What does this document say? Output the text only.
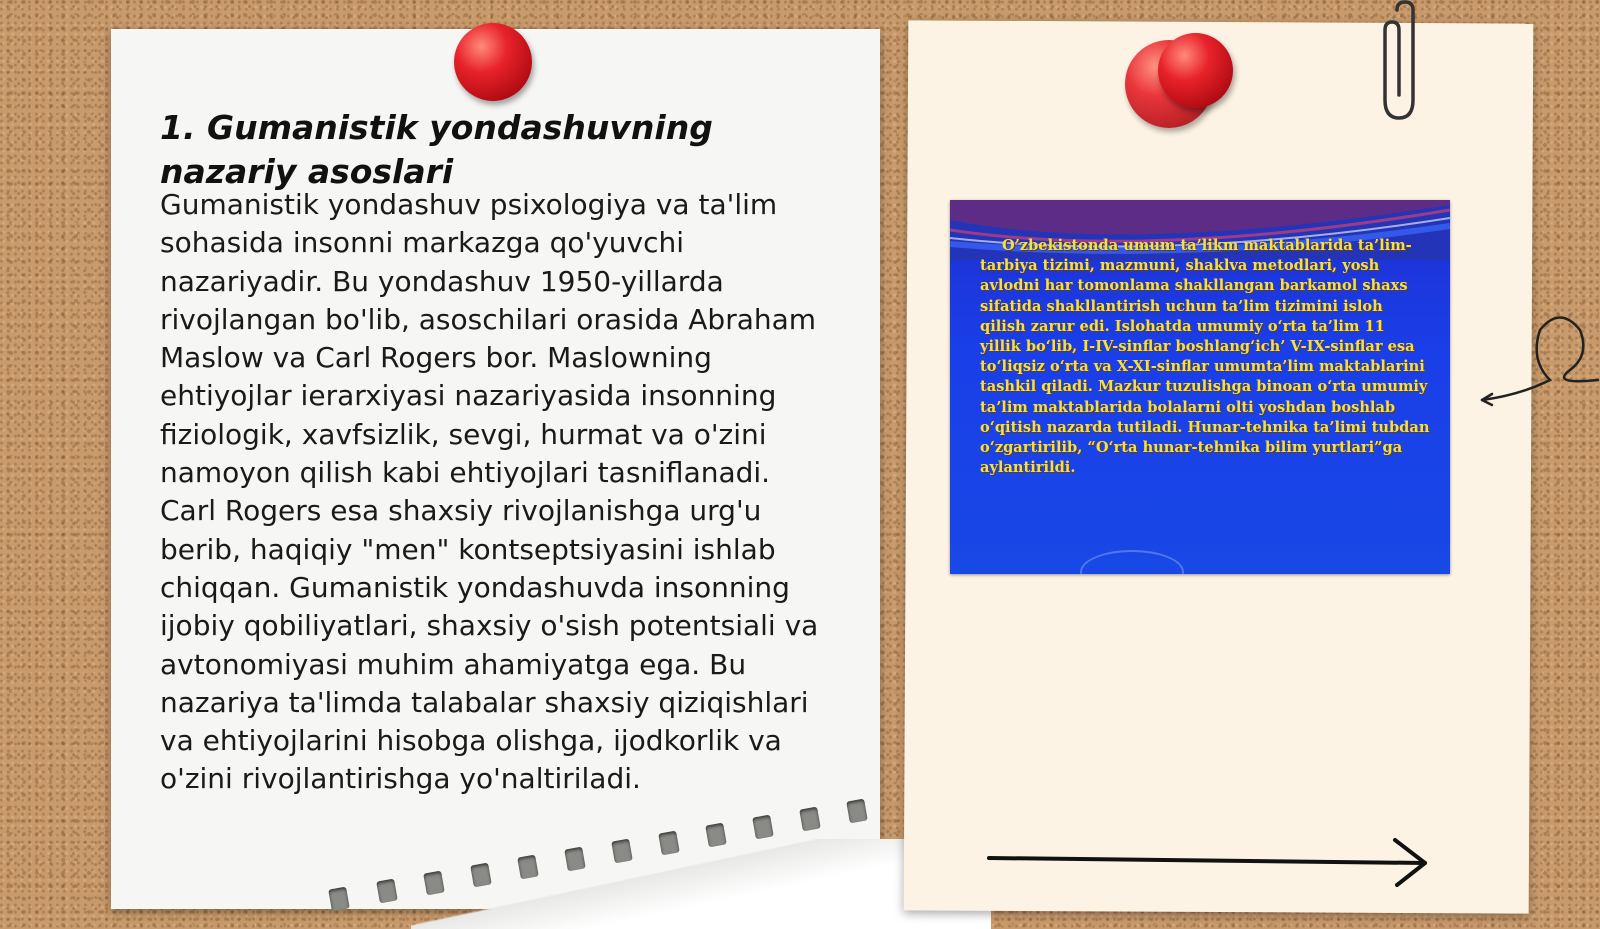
1. Gumanistik yondashuvning nazariy asoslari

Gumanistik yondashuv psixologiya va ta'lim sohasida insonni markazga qo'yuvchi nazariyadir. Bu yondashuv 1950-yillarda rivojlangan bo'lib, asoschilari orasida Abraham Maslow va Carl Rogers bor. Maslowning ehtiyojlar ierarxiyasi nazariyasida insonning fiziologik, xavfsizlik, sevgi, hurmat va o'zini namoyon qilish kabi ehtiyojlari tasniflanadi. Carl Rogers esa shaxsiy rivojlanishga urg'u berib, haqiqiy "men" kontseptsiyasini ishlab chiqqan. Gumanistik yondashuvda insonning ijobiy qobiliyatlari, shaxsiy o'sish potentsiali va avtonomiyasi muhim ahamiyatga ega. Bu nazariya ta'limda talabalar shaxsiy qiziqishlari va ehtiyojlarini hisobga olishga, ijodkorlik va o'zini rivojlantirishga yo'naltiriladi.

O’zbekistonda umum ta’likm maktablarida ta’lim-tarbiya tizimi, mazmuni, shaklva metodlari, yosh avlodni har tomonlama shakllangan barkamol shaxs sifatida shakllantirish uchun ta’lim tizimini isloh qilish zarur edi. Islohatda umumiy o‘rta ta’lim 11 yillik bo‘lib, I-IV-sinflar boshlang‘ich’ V-IX-sinflar esa to‘liqsiz o‘rta va X-XI-sinflar umumta’lim maktablarini tashkil qiladi. Mazkur tuzulishga binoan o‘rta umumiy ta’lim maktablarida bolalarni olti yoshdan boshlab o‘qitish nazarda tutiladi. Hunar-tehnika ta’limi tubdan o‘zgartirilib, “O‘rta hunar-tehnika bilim yurtlari”ga aylantirildi.
